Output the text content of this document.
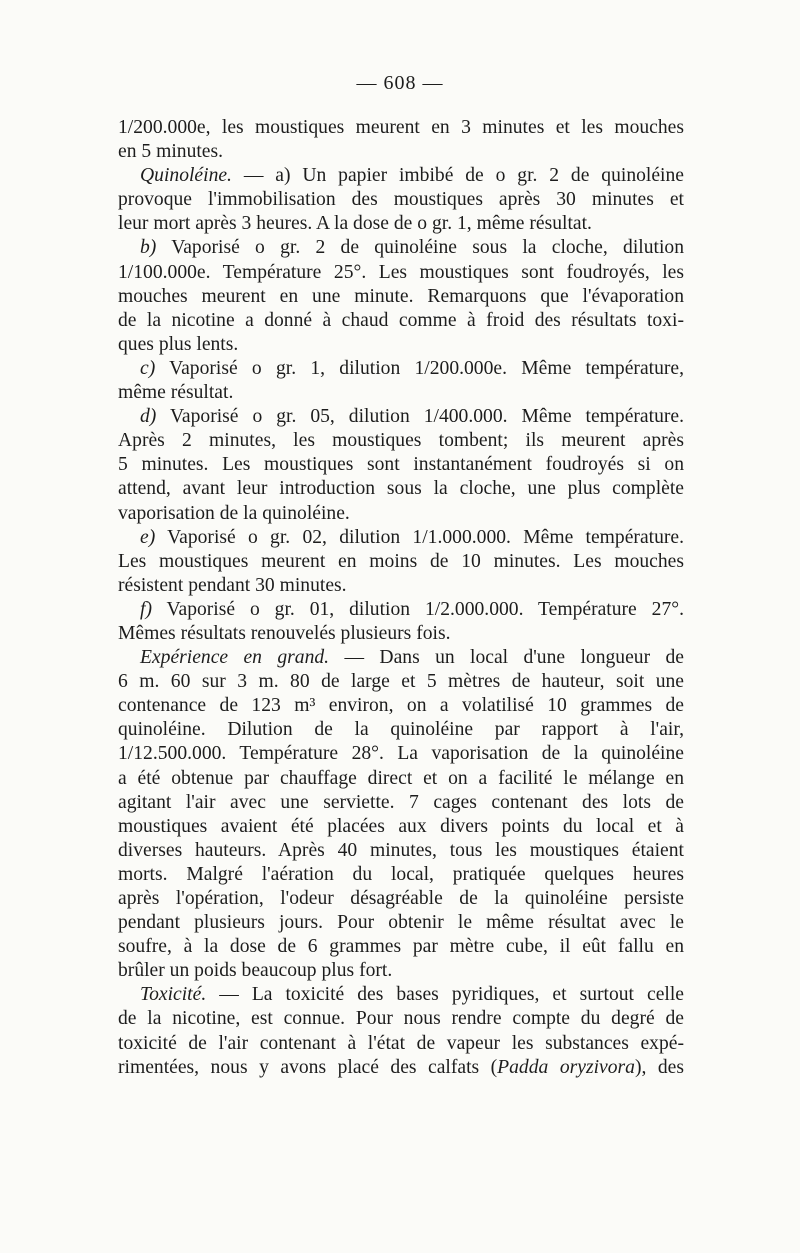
— 608 —
1/200.000e, les moustiques meurent en 3 minutes et les mouches
en 5 minutes.
Quinoléine. — a) Un papier imbibé de o gr. 2 de quinoléine
provoque l'immobilisation des moustiques après 30 minutes et
leur mort après 3 heures. A la dose de o gr. 1, même résultat.
b) Vaporisé o gr. 2 de quinoléine sous la cloche, dilution
1/100.000e. Température 25°. Les moustiques sont foudroyés, les
mouches meurent en une minute. Remarquons que l'évaporation
de la nicotine a donné à chaud comme à froid des résultats toxi-
ques plus lents.
c) Vaporisé o gr. 1, dilution 1/200.000e. Même température,
même résultat.
d) Vaporisé o gr. 05, dilution 1/400.000. Même température.
Après 2 minutes, les moustiques tombent; ils meurent après
5 minutes. Les moustiques sont instantanément foudroyés si on
attend, avant leur introduction sous la cloche, une plus complète
vaporisation de la quinoléine.
e) Vaporisé o gr. 02, dilution 1/1.000.000. Même température.
Les moustiques meurent en moins de 10 minutes. Les mouches
résistent pendant 30 minutes.
f) Vaporisé o gr. 01, dilution 1/2.000.000. Température 27°.
Mêmes résultats renouvelés plusieurs fois.
Expérience en grand. — Dans un local d'une longueur de
6 m. 60 sur 3 m. 80 de large et 5 mètres de hauteur, soit une
contenance de 123 m³ environ, on a volatilisé 10 grammes de
quinoléine. Dilution de la quinoléine par rapport à l'air,
1/12.500.000. Température 28°. La vaporisation de la quinoléine
a été obtenue par chauffage direct et on a facilité le mélange en
agitant l'air avec une serviette. 7 cages contenant des lots de
moustiques avaient été placées aux divers points du local et à
diverses hauteurs. Après 40 minutes, tous les moustiques étaient
morts. Malgré l'aération du local, pratiquée quelques heures
après l'opération, l'odeur désagréable de la quinoléine persiste
pendant plusieurs jours. Pour obtenir le même résultat avec le
soufre, à la dose de 6 grammes par mètre cube, il eût fallu en
brûler un poids beaucoup plus fort.
Toxicité. — La toxicité des bases pyridiques, et surtout celle
de la nicotine, est connue. Pour nous rendre compte du degré de
toxicité de l'air contenant à l'état de vapeur les substances expé-
rimentées, nous y avons placé des calfats (Padda oryzivora), des
